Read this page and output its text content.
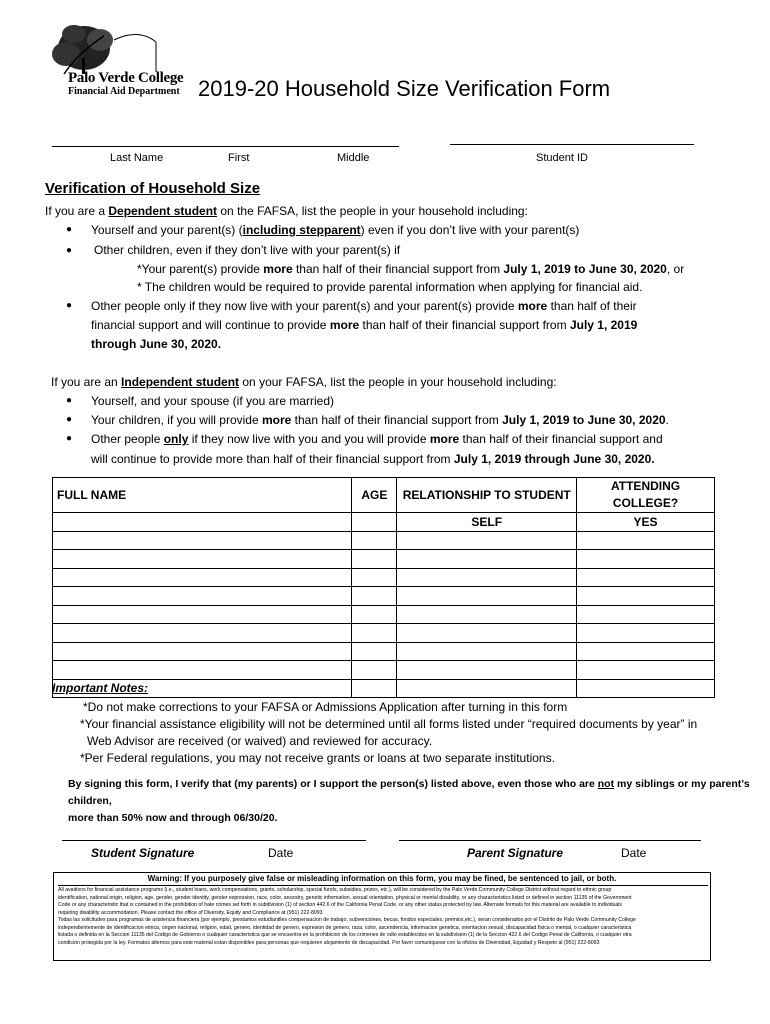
Palo Verde College
Financial Aid Department 2019-20 Household Size Verification Form
Last Name	First	Middle	Student ID
Verification of Household Size
If you are a Dependent student on the FAFSA, list the people in your household including:
● Yourself and your parent(s) (including stepparent) even if you don’t live with your parent(s)
● Other children, even if they don’t live with your parent(s) if
*Your parent(s) provide more than half of their financial support from July 1, 2019 to June 30, 2020, or
* The children would be required to provide parental information when applying for financial aid.
● Other people only if they now live with your parent(s) and your parent(s) provide more than half of their
financial support and will continue to provide more than half of their financial support from July 1, 2019
through June 30, 2020.
If you are an Independent student on your FAFSA, list the people in your household including:
● Yourself, and your spouse (if you are married)
● Your children, if you will provide more than half of their financial support from July 1, 2019 to June 30, 2020.
● Other people only if they now live with you and you will provide more than half of their financial support and
will continue to provide more than half of their financial support from July 1, 2019 through June 30, 2020.
FULL NAME	AGE	RELATIONSHIP TO STUDENT	ATTENDING COLLEGE?
		SELF	YES

Important Notes:
*Do not make corrections to your FAFSA or Admissions Application after turning in this form
*Your financial assistance eligibility will not be determined until all forms listed under “required documents by year” in
Web Advisor are received (or waived) and reviewed for accuracy.
*Per Federal regulations, you may not receive grants or loans at two separate institutions.
By signing this form, I verify that (my parents) or I support the person(s) listed above, even those who are not my siblings or my parent’s children,
more than 50% now and through 06/30/20.
Student Signature	Date	Parent Signature	Date
Warning: If you purposely give false or misleading information on this form, you may be fined, be sentenced to jail, or both.
All avaitions for financial assistance programs (i.e., student loans, work compensations, grants, scholarship, special funds, subsidies, prizes, etc.), will be considered by the Palo Verde Community College District without regard to ethnic group
identification, national origin, religion, age, gender, gender identity, gender expression, race, color, ancestry, genetic information, sexual orientation, physical or mental disability, or any characteristics listed or defined in section 11135 of the Government
Code or any characteristic that is contained in the prohibition of hate crimes set forth in subdivision (1) of section 442.6 of the California Penal Code, or any other status protected by law. Alternate formats for this material are available to individuals
requiring disability accommodation. Please contact the office of Diversity, Equity and Compliance at (951) 222-8093
Todas las solicitudes para programas de asistencia financiera (por ejemplo, prestamos estudiantiles compensacion de trabajo, subvenciones, becas, fondos especiales, premios,etc.), seran considerados por el Distrito de Palo Verde Community College
independientemente de identificacion etnica, origen nacional, religion, edad, genero, identidad de genero, expresion de genero, raza, color, ascendencia, informacion genetica, orientacion sexual, discapacidad fisica o mental, o cualquier caracteristica
listada o definida en la Seccion 11135 del Codigo de Gobierno o cualquier caracteristica que se encuentra en la prohibicion de los crimenes de odio establecidos en la subdivision (1) de la Seccion 422.6 del Codigo Penal de California, o cualquier otra
condicion protegida por la ley. Formatos alternos para este material estan disponibles para personas que requieren alojamiento de discapacidad. Por favor comuniquese con la oficina de Diversidad, Equidad y Respeto al (951) 222-8093
